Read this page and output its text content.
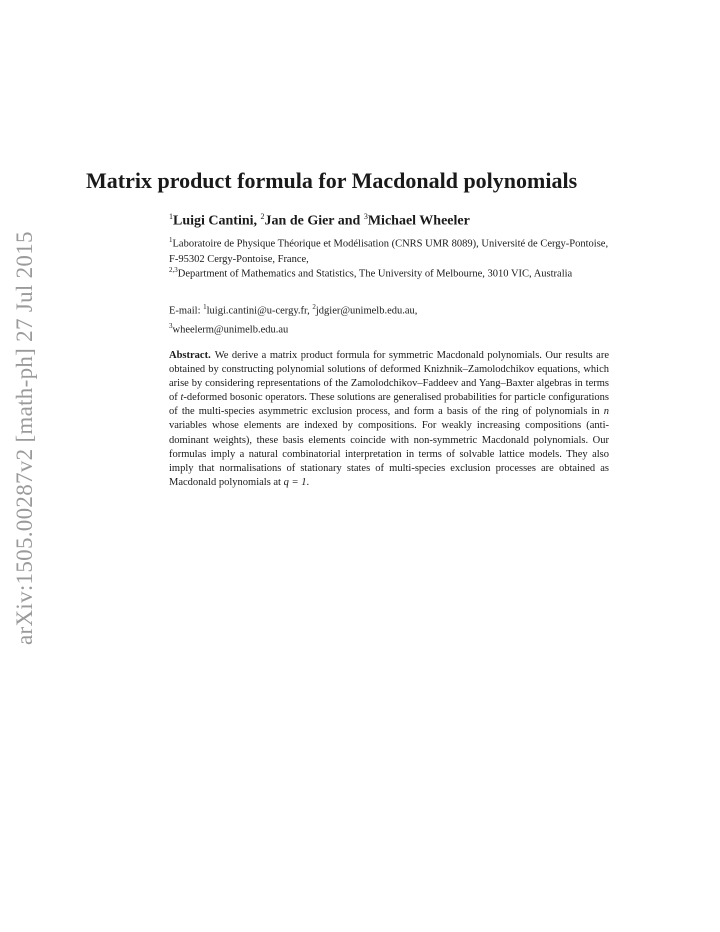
arXiv:1505.00287v2 [math-ph] 27 Jul 2015
Matrix product formula for Macdonald polynomials
$^1$Luigi Cantini, $^2$Jan de Gier and $^3$Michael Wheeler
$^1$Laboratoire de Physique Théorique et Modélisation (CNRS UMR 8089), Université de Cergy-Pontoise, F-95302 Cergy-Pontoise, France,
$^{2,3}$Department of Mathematics and Statistics, The University of Melbourne, 3010 VIC, Australia
E-mail: $^1$luigi.cantini@u-cergy.fr, $^2$jdgier@unimelb.edu.au,
$^3$wheelerm@unimelb.edu.au

Abstract. We derive a matrix product formula for symmetric Macdonald polynomials. Our results are obtained by constructing polynomial solutions of deformed Knizhnik–Zamolodchikov equations, which arise by considering representations of the Zamolodchikov–Faddeev and Yang–Baxter algebras in terms of t-deformed bosonic operators. These solutions are generalised probabilities for particle configurations of the multi-species asymmetric exclusion process, and form a basis of the ring of polynomials in n variables whose elements are indexed by compositions. For weakly increasing compositions (anti-dominant weights), these basis elements coincide with non-symmetric Macdonald polynomials. Our formulas imply a natural combinatorial interpretation in terms of solvable lattice models. They also imply that normalisations of stationary states of multi-species exclusion processes are obtained as Macdonald polynomials at q = 1.
